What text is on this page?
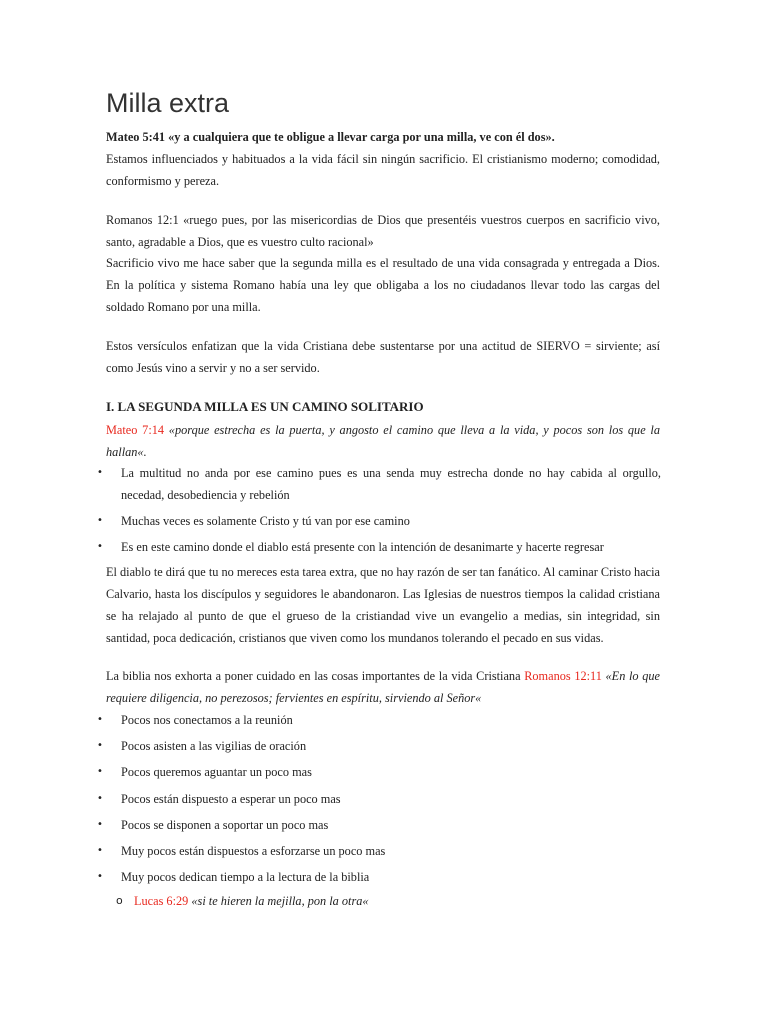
Milla extra

Mateo 5:41 «y a cualquiera que te obligue a llevar carga por una milla, ve con él dos».

Estamos influenciados y habituados a la vida fácil sin ningún sacrificio. El cristianismo moderno; comodidad, conformismo y pereza.

Romanos 12:1 «ruego pues, por las misericordias de Dios que presentéis vuestros cuerpos en sacrificio vivo, santo, agradable a Dios, que es vuestro culto racional»

Sacrificio vivo me hace saber que la segunda milla es el resultado de una vida consagrada y entregada a Dios. En la política y sistema Romano había una ley que obligaba a los no ciudadanos llevar todo las cargas del soldado Romano por una milla.

Estos versículos enfatizan que la vida Cristiana debe sustentarse por una actitud de SIERVO = sirviente; así como Jesús vino a servir y no a ser servido.

I. LA SEGUNDA MILLA ES UN CAMINO SOLITARIO

Mateo 7:14 «porque estrecha es la puerta, y angosto el camino que lleva a la vida, y pocos son los que la hallan«.

• La multitud no anda por ese camino pues es una senda muy estrecha donde no hay cabida al orgullo, necedad, desobediencia y rebelión

• Muchas veces es solamente Cristo y tú van por ese camino

• Es en este camino donde el diablo está presente con la intención de desanimarte y hacerte regresar

El diablo te dirá que tu no mereces esta tarea extra, que no hay razón de ser tan fanático. Al caminar Cristo hacia Calvario, hasta los discípulos y seguidores le abandonaron. Las Iglesias de nuestros tiempos la calidad cristiana se ha relajado al punto de que el grueso de la cristiandad vive un evangelio a medias, sin integridad, sin santidad, poca dedicación, cristianos que viven como los mundanos tolerando el pecado en sus vidas.

La biblia nos exhorta a poner cuidado en las cosas importantes de la vida Cristiana Romanos 12:11 «En lo que requiere diligencia, no perezosos; fervientes en espíritu, sirviendo al Señor«

• Pocos nos conectamos a la reunión

• Pocos asisten a las vigilias de oración

• Pocos queremos aguantar un poco mas

• Pocos están dispuesto a esperar un poco mas

• Pocos se disponen a soportar un poco mas

• Muy pocos están dispuestos a esforzarse un poco mas

• Muy pocos dedican tiempo a la lectura de la biblia

o Lucas 6:29 «si te hieren la mejilla, pon la otra«
